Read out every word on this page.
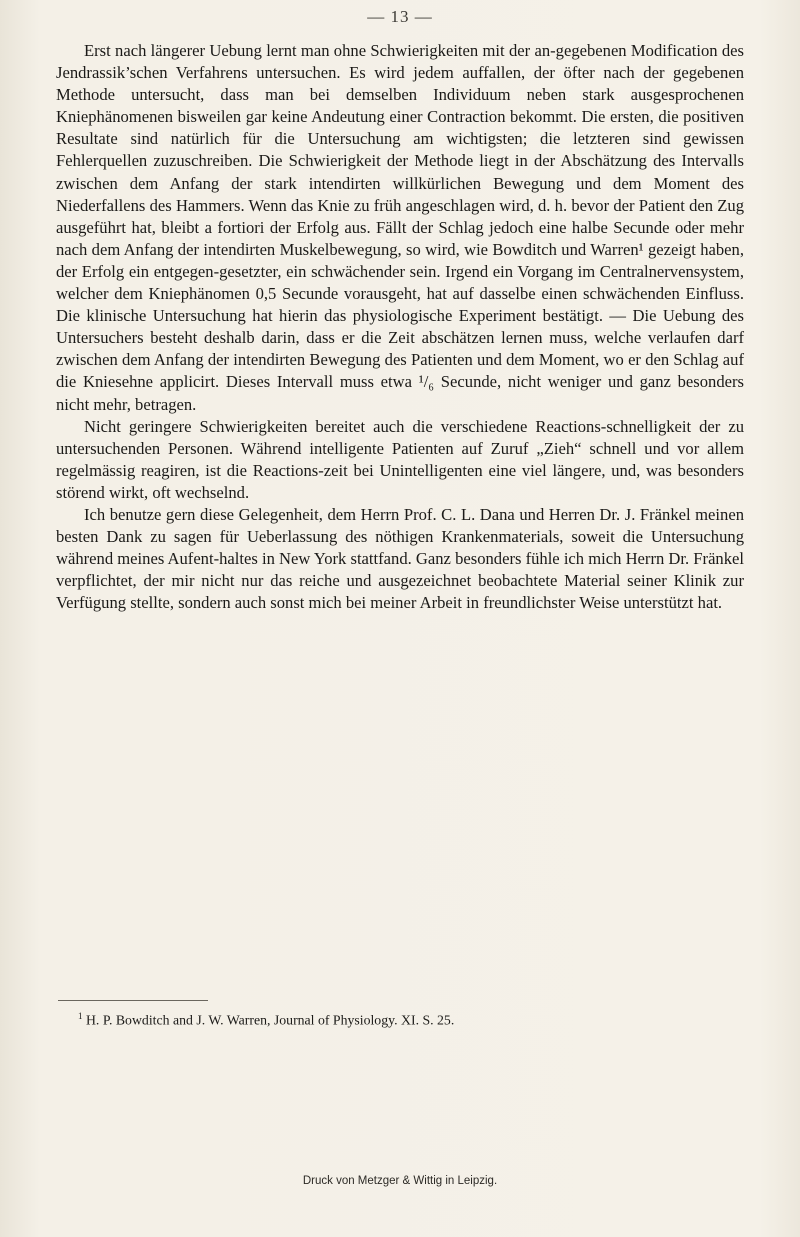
— 13 —

Erst nach längerer Uebung lernt man ohne Schwierigkeiten mit der an-gegebenen Modification des Jendrassik’schen Verfahrens untersuchen. Es wird jedem auffallen, der öfter nach der gegebenen Methode untersucht, dass man bei demselben Individuum neben stark ausgesprochenen Kniephänomenen bisweilen gar keine Andeutung einer Contraction bekommt. Die ersten, die positiven Resultate sind natürlich für die Untersuchung am wichtigsten; die letzteren sind gewissen Fehlerquellen zuzuschreiben. Die Schwierigkeit der Methode liegt in der Abschätzung des Intervalls zwischen dem Anfang der stark intendirten willkürlichen Bewegung und dem Moment des Niederfallens des Hammers. Wenn das Knie zu früh angeschlagen wird, d. h. bevor der Patient den Zug ausgeführt hat, bleibt a fortiori der Erfolg aus. Fällt der Schlag jedoch eine halbe Secunde oder mehr nach dem Anfang der intendirten Muskelbewegung, so wird, wie Bowditch und Warren¹ gezeigt haben, der Erfolg ein entgegen-gesetzter, ein schwächender sein. Irgend ein Vorgang im Centralnervensystem, welcher dem Kniephänomen 0,5 Secunde vorausgeht, hat auf dasselbe einen schwächenden Einfluss. Die klinische Untersuchung hat hierin das physiologische Experiment bestätigt. — Die Uebung des Untersuchers besteht deshalb darin, dass er die Zeit abschätzen lernen muss, welche verlaufen darf zwischen dem Anfang der intendirten Bewegung des Patienten und dem Moment, wo er den Schlag auf die Kniesehne applicirt. Dieses Intervall muss etwa ¹/₆ Secunde, nicht weniger und ganz besonders nicht mehr, betragen.

Nicht geringere Schwierigkeiten bereitet auch die verschiedene Reactions-schnelligkeit der zu untersuchenden Personen. Während intelligente Patienten auf Zuruf „Zieh“ schnell und vor allem regelmässig reagiren, ist die Reactions-zeit bei Unintelligenten eine viel längere, und, was besonders störend wirkt, oft wechselnd.

Ich benutze gern diese Gelegenheit, dem Herrn Prof. C. L. Dana und Herren Dr. J. Fränkel meinen besten Dank zu sagen für Ueberlassung des nöthigen Krankenmaterials, soweit die Untersuchung während meines Aufent-haltes in New York stattfand. Ganz besonders fühle ich mich Herrn Dr. Fränkel verpflichtet, der mir nicht nur das reiche und ausgezeichnet beobachtete Material seiner Klinik zur Verfügung stellte, sondern auch sonst mich bei meiner Arbeit in freundlichster Weise unterstützt hat.

$^1$ H. P. Bowditch and J. W. Warren, Journal of Physiology. XI. S. 25.
Druck von Metzger & Wittig in Leipzig.
